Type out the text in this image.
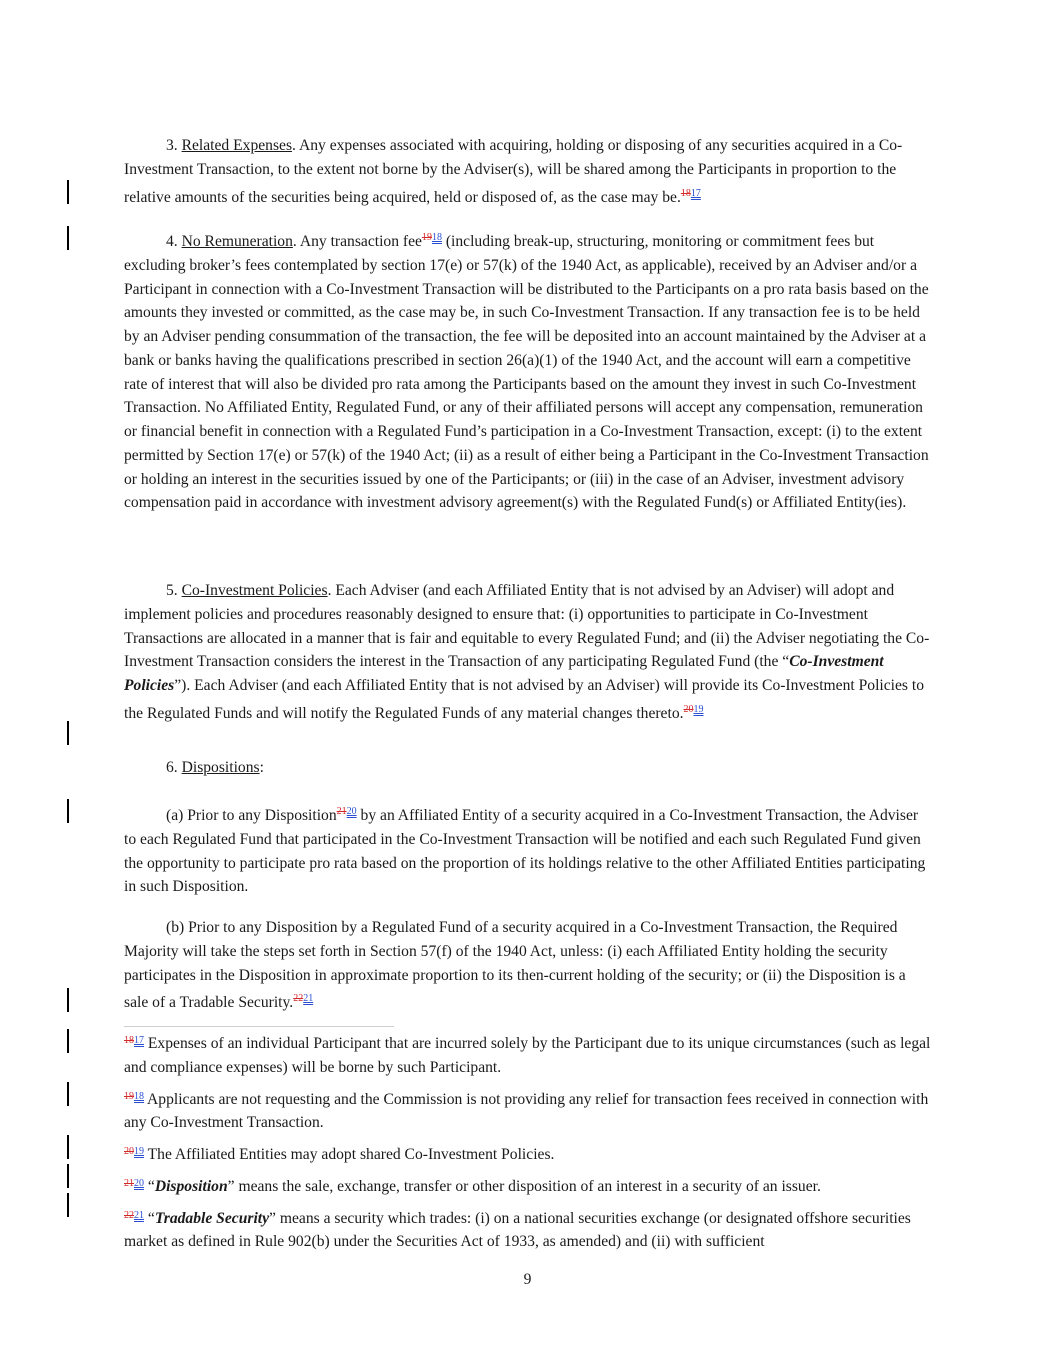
3. Related Expenses. Any expenses associated with acquiring, holding or disposing of any securities acquired in a Co-Investment Transaction, to the extent not borne by the Adviser(s), will be shared among the Participants in proportion to the relative amounts of the securities being acquired, held or disposed of, as the case may be.$^{1817}$

4. No Remuneration. Any transaction fee$^{1918}$ (including break-up, structuring, monitoring or commitment fees but excluding broker’s fees contemplated by section 17(e) or 57(k) of the 1940 Act, as applicable), received by an Adviser and/or a Participant in connection with a Co-Investment Transaction will be distributed to the Participants on a pro rata basis based on the amounts they invested or committed, as the case may be, in such Co-Investment Transaction. If any transaction fee is to be held by an Adviser pending consummation of the transaction, the fee will be deposited into an account maintained by the Adviser at a bank or banks having the qualifications prescribed in section 26(a)(1) of the 1940 Act, and the account will earn a competitive rate of interest that will also be divided pro rata among the Participants based on the amount they invest in such Co-Investment Transaction. No Affiliated Entity, Regulated Fund, or any of their affiliated persons will accept any compensation, remuneration or financial benefit in connection with a Regulated Fund’s participation in a Co-Investment Transaction, except: (i) to the extent permitted by Section 17(e) or 57(k) of the 1940 Act; (ii) as a result of either being a Participant in the Co-Investment Transaction or holding an interest in the securities issued by one of the Participants; or (iii) in the case of an Adviser, investment advisory compensation paid in accordance with investment advisory agreement(s) with the Regulated Fund(s) or Affiliated Entity(ies).

5. Co-Investment Policies. Each Adviser (and each Affiliated Entity that is not advised by an Adviser) will adopt and implement policies and procedures reasonably designed to ensure that: (i) opportunities to participate in Co-Investment Transactions are allocated in a manner that is fair and equitable to every Regulated Fund; and (ii) the Adviser negotiating the Co-Investment Transaction considers the interest in the Transaction of any participating Regulated Fund (the “Co-Investment Policies”). Each Adviser (and each Affiliated Entity that is not advised by an Adviser) will provide its Co-Investment Policies to the Regulated Funds and will notify the Regulated Funds of any material changes thereto.$^{2019}$

6. Dispositions:

(a) Prior to any Disposition$^{2120}$ by an Affiliated Entity of a security acquired in a Co-Investment Transaction, the Adviser to each Regulated Fund that participated in the Co-Investment Transaction will be notified and each such Regulated Fund given the opportunity to participate pro rata based on the proportion of its holdings relative to the other Affiliated Entities participating in such Disposition.

(b) Prior to any Disposition by a Regulated Fund of a security acquired in a Co-Investment Transaction, the Required Majority will take the steps set forth in Section 57(f) of the 1940 Act, unless: (i) each Affiliated Entity holding the security participates in the Disposition in approximate proportion to its then-current holding of the security; or (ii) the Disposition is a sale of a Tradable Security.$^{2221}$

$^{1817}$ Expenses of an individual Participant that are incurred solely by the Participant due to its unique circumstances (such as legal and compliance expenses) will be borne by such Participant.

$^{1918}$ Applicants are not requesting and the Commission is not providing any relief for transaction fees received in connection with any Co-Investment Transaction.

$^{2019}$ The Affiliated Entities may adopt shared Co-Investment Policies.

$^{2120}$ “Disposition” means the sale, exchange, transfer or other disposition of an interest in a security of an issuer.

$^{2221}$ “Tradable Security” means a security which trades: (i) on a national securities exchange (or designated offshore securities market as defined in Rule 902(b) under the Securities Act of 1933, as amended) and (ii) with sufficient

9
